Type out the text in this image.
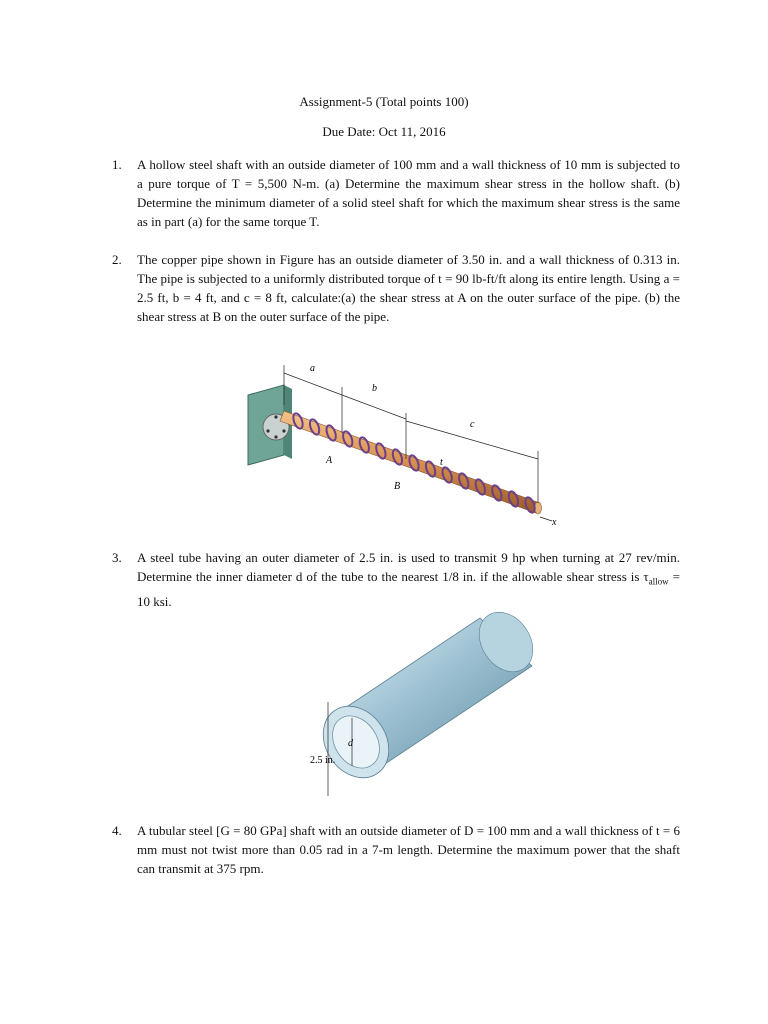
Assignment-5 (Total points 100)
Due Date: Oct 11, 2016
1. A hollow steel shaft with an outside diameter of 100 mm and a wall thickness of 10 mm is subjected to a pure torque of T = 5,500 N-m. (a) Determine the maximum shear stress in the hollow shaft. (b) Determine the minimum diameter of a solid steel shaft for which the maximum shear stress is the same as in part (a) for the same torque T.
2. The copper pipe shown in Figure has an outside diameter of 3.50 in. and a wall thickness of 0.313 in. The pipe is subjected to a uniformly distributed torque of t = 90 lb-ft/ft along its entire length. Using a = 2.5 ft, b = 4 ft, and c = 8 ft, calculate:(a) the shear stress at A on the outer surface of the pipe. (b) the shear stress at B on the outer surface of the pipe.
a
b
c
t
A
B
x
3. A steel tube having an outer diameter of 2.5 in. is used to transmit 9 hp when turning at 27 rev/min. Determine the inner diameter d of the tube to the nearest 1/8 in. if the allowable shear stress is $\tau_{allow} = 10$ ksi.
2.5 in.
d
4. A tubular steel [G = 80 GPa] shaft with an outside diameter of D = 100 mm and a wall thickness of t = 6 mm must not twist more than 0.05 rad in a 7-m length. Determine the maximum power that the shaft can transmit at 375 rpm.
